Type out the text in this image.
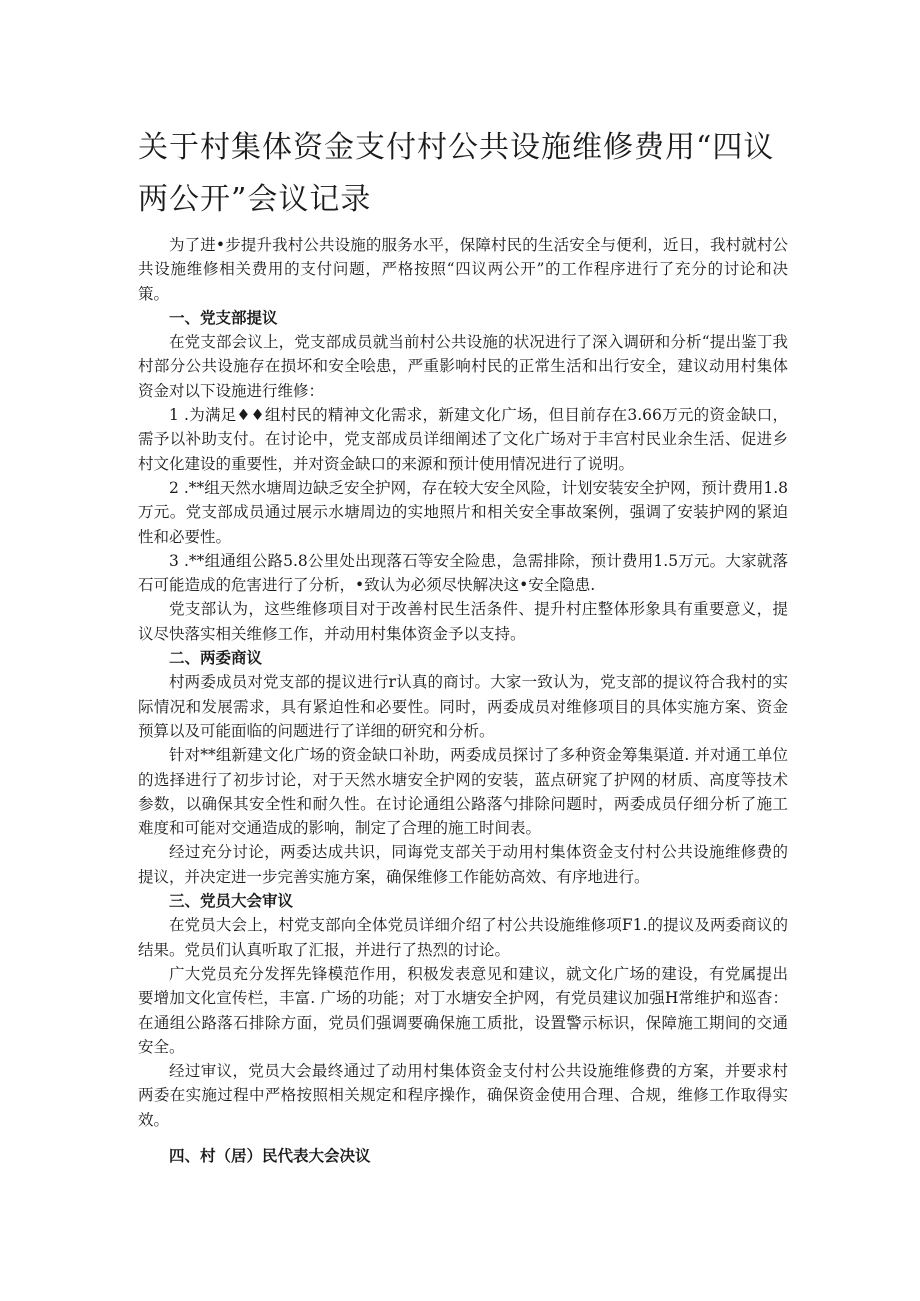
关于村集体资金支付村公共设施维修费用“四议两公开”会议记录

为了进•步提升我村公共设施的服务水平，保障村民的生活安全与便利，近日，我村就村公共设施维修相关费用的支付问题，严格按照“四议两公开”的工作程序进行了充分的讨论和决策。

一、党支部提议

在党支部会议上，党支部成员就当前村公共设施的状况进行了深入调研和分析“提出鉴丁我村部分公共设施存在损坏和安全哙患，严重影响村民的正常生活和出行安全，建议动用村集体资金对以下设施进行维修：

1 .为满足♦♦组村民的精神文化需求，新建文化广场，但目前存在3.66万元的资金缺口，需予以补助支付。在讨论中，党支部成员详细阐述了文化广场对于丰宫村民业余生活、促进乡村文化建设的重要性，并对资金缺口的来源和预计使用情况进行了说明。

2 .**组天然水塘周边缺乏安全护网，存在较大安全风险，计划安装安全护网，预计费用1.8万元。党支部成员通过展示水塘周边的实地照片和相关安全事故案例，强调了安装护网的紧迫性和必要性。

3 .**组通组公路5.8公里处出现落石等安全险患，急需排除，预计费用1.5万元。大家就落石可能造成的危害进行了分析，•致认为必须尽快解决这•安全隐患.

党支部认为，这些维修项目对于改善村民生活条件、提升村庄整体形象具有重要意义，提议尽快落实相关维修工作，并动用村集体资金予以支持。

二、两委商议

村两委成员对党支部的提议进行r认真的商讨。大家一致认为，党支部的提议符合我村的实际情况和发展需求，具有紧迫性和必要性。同时，两委成员对维修项目的具体实施方案、资金预算以及可能面临的问题进行了详细的研究和分析。

针对**组新建文化广场的资金缺口补助，两委成员探讨了多种资金筹集渠道. 并对通工单位的选择进行了初步讨论，对于天然水塘安全护网的安装，蓝点研窕了护网的材质、高度等技术参数，以确保其安全性和耐久性。在讨论通组公路落勺排除问题时，两委成员仔细分析了施工难度和可能对交通造成的影响，制定了合理的施工时间表。

经过充分讨论，两委达成共识，同诲党支部关于动用村集体资金支付村公共设施维修费的提议，并决定进一步完善实施方案，确保维修工作能妨高效、有序地进行。

三、党员大会审议

在党员大会上，村党支部向全体党员详细介绍了村公共设施维修项F1.的提议及两委商议的结果。党员们认真听取了汇报，并进行了热烈的讨论。

广大党员充分发挥先锋模范作用，积极发表意见和建议，就文化广场的建设，有党属提出要增加文化宣传栏，丰富. 广场的功能；对丁水塘安全护网，有党员建议加强H常维护和巡杳：在通组公路落石排除方面，党员们强调要确保施工质批，设置警示标识，保障施工期间的交通安全。

经过审议，党员大会最终通过了动用村集体资金支付村公共设施维修费的方案，并要求村两委在实施过程中严格按照相关规定和程序操作，确保资金使用合理、合规，维修工作取得实效。

四、村（居）民代表大会决议
